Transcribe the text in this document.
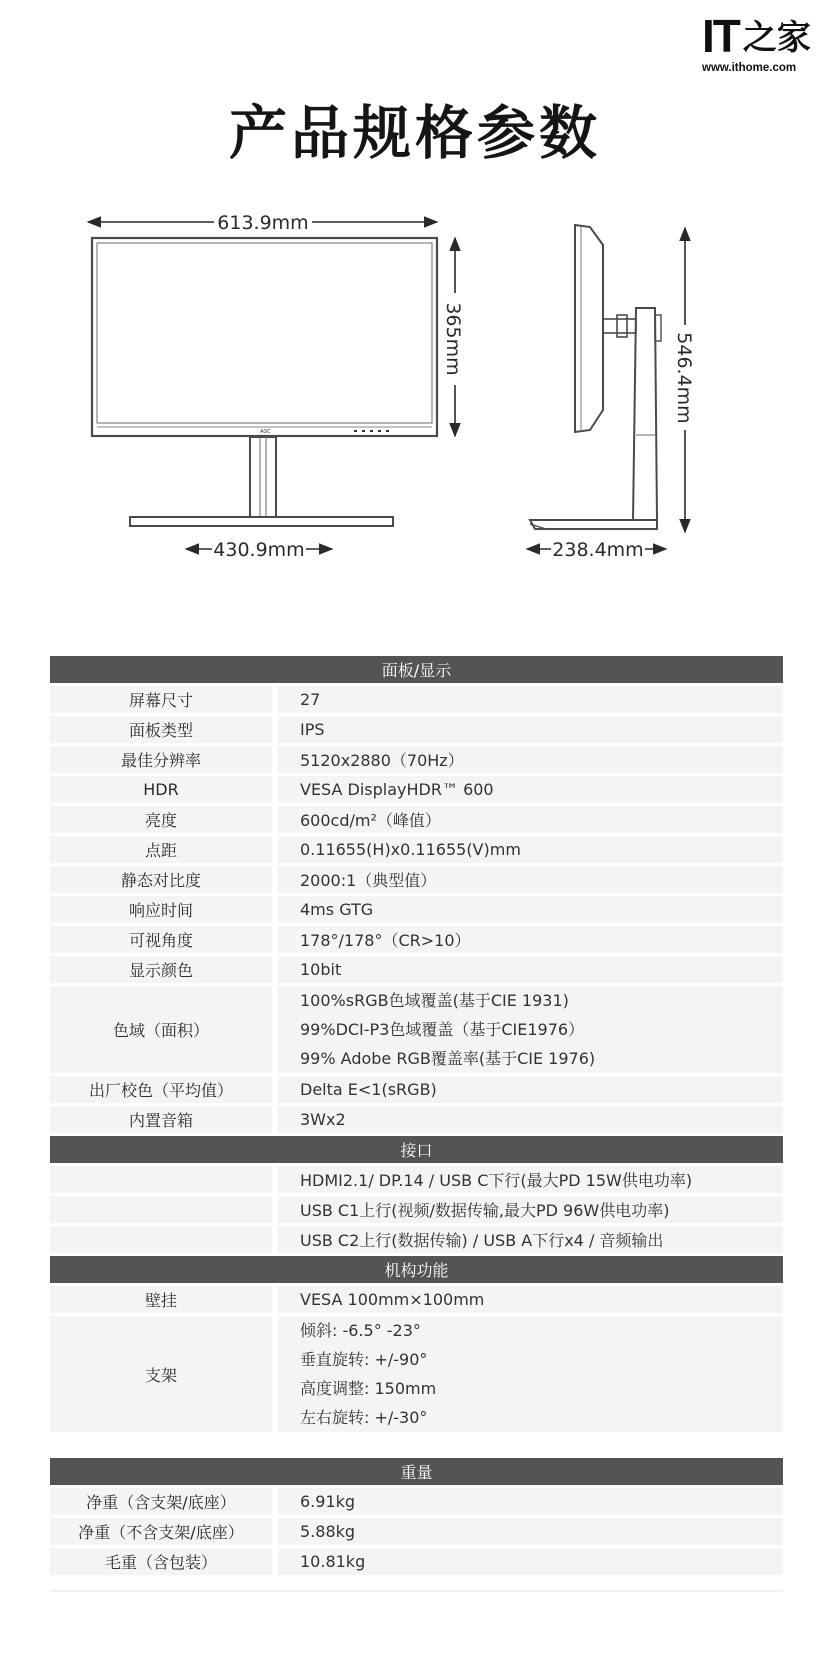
IT 之家
www.ithome.com
产品规格参数
AOC
613.9mm
365mm
430.9mm
546.4mm
238.4mm
面板/显示		
屏幕尺寸		27
面板类型		IPS
最佳分辨率		5120x2880（70Hz）
HDR		VESA DisplayHDR™ 600
亮度		600cd/m²（峰值）
点距		0.11655(H)x0.11655(V)mm
静态对比度		2000:1（典型值）
响应时间		4ms GTG
可视角度		178°/178°（CR>10）
显示颜色		10bit
色域（面积）		100%sRGB色域覆盖(基于CIE 1931)
99%DCI-P3色域覆盖（基于CIE1976）
99% Adobe RGB覆盖率(基于CIE 1976)

出厂校色（平均值）		Delta E<1(sRGB)
内置音箱		3Wx2
接口		
		HDMI2.1/ DP.14 / USB C下行(最大PD 15W供电功率)
		USB C1上行(视频/数据传输,最大PD 96W供电功率)
		USB C2上行(数据传输) / USB A下行x4 / 音频输出
机构功能		
壁挂		VESA 100mm×100mm
支架		倾斜: -6.5° -23°
垂直旋转: +/-90°
高度调整: 150mm
左右旋转: +/-30°

重量		
净重（含支架/底座）		6.91kg
净重（不含支架/底座）		5.88kg
毛重（含包装）		10.81kg
